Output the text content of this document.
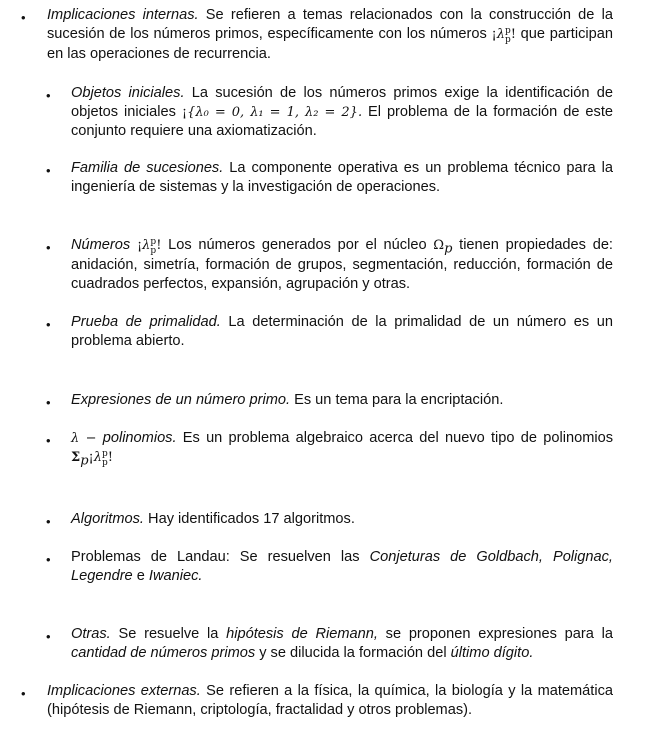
• Implicaciones internas. Se refieren a temas relacionados con la construcción de la sucesión de los números primos, específicamente con los números ¡λ p
p ! que participan en las operaciones de recurrencia.
• Objetos iniciales. La sucesión de los números primos exige la identificación de objetos iniciales ¡{λ₀ = 0, λ₁ = 1, λ₂ = 2}. El problema de la formación de este conjunto requiere una axiomatización.
• Familia de sucesiones. La componente operativa es un problema técnico para la ingeniería de sistemas y la investigación de operaciones.
• Números ¡λ p
p ! Los números generados por el núcleo $\Omega_p$ tienen propiedades de: anidación, simetría, formación de grupos, segmentación, reducción, formación de cuadrados perfectos, expansión, agrupación y otras.
• Prueba de primalidad. La determinación de la primalidad de un número es un problema abierto.
• Expresiones de un número primo. Es un tema para la encriptación.
• λ − polinomios. Es un problema algebraico acerca del nuevo tipo de polinomios $\Sigma_p¡\lambda$ p
p !
• Algoritmos. Hay identificados 17 algoritmos.
• Problemas de Landau: Se resuelven las Conjeturas de Goldbach, Polignac, Legendre e Iwaniec.
• Otras. Se resuelve la hipótesis de Riemann, se proponen expresiones para la cantidad de números primos y se dilucida la formación del último dígito.
• Implicaciones externas. Se refieren a la física, la química, la biología y la matemática (hipótesis de Riemann, criptología, fractalidad y otros problemas).
